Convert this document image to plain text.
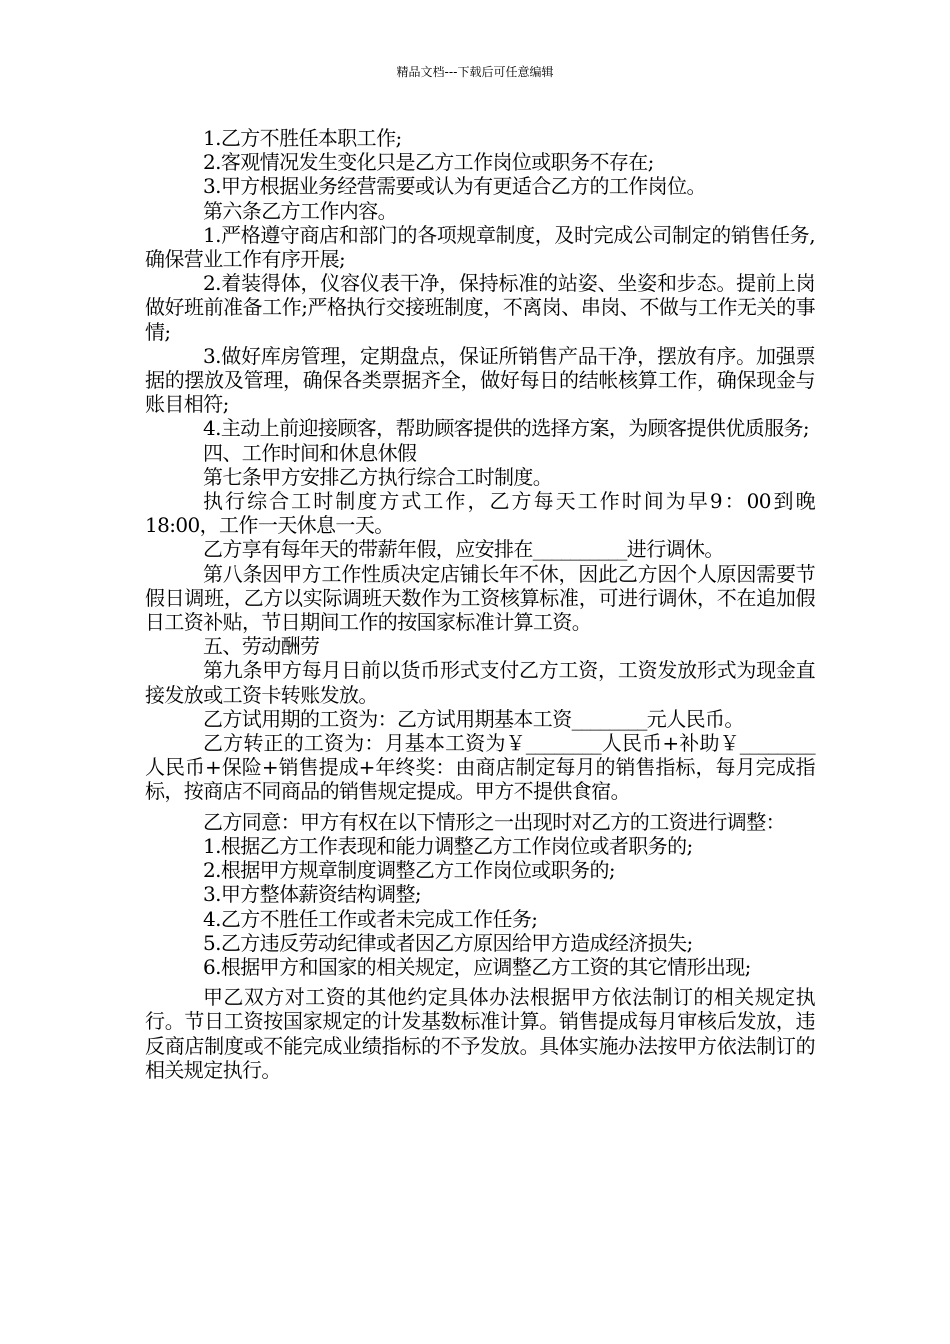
精品文档---下载后可任意编辑

1.乙方不胜任本职工作;

2.客观情况发生变化只是乙方工作岗位或职务不存在;

3.甲方根据业务经营需要或认为有更适合乙方的工作岗位。

第六条乙方工作内容。

1.严格遵守商店和部门的各项规章制度，及时完成公司制定的销售任务,确保营业工作有序开展;

2.着装得体，仪容仪表干净，保持标准的站姿、坐姿和步态。提前上岗做好班前准备工作;严格执行交接班制度，不离岗、串岗、不做与工作无关的事情;

3.做好库房管理，定期盘点，保证所销售产品干净，摆放有序。加强票据的摆放及管理，确保各类票据齐全，做好每日的结帐核算工作，确保现金与账目相符;

4.主动上前迎接顾客，帮助顾客提供的选择方案，为顾客提供优质服务;

四、工作时间和休息休假

第七条甲方安排乙方执行综合工时制度。

执行综合工时制度方式工作，乙方每天工作时间为早9：00到晚18:00，工作一天休息一天。

乙方享有每年天的带薪年假，应安排在__________进行调休。

第八条因甲方工作性质决定店铺长年不休，因此乙方因个人原因需要节假日调班，乙方以实际调班天数作为工资核算标准，可进行调休，不在追加假日工资补贴，节日期间工作的按国家标准计算工资。

五、劳动酬劳

第九条甲方每月日前以货币形式支付乙方工资，工资发放形式为现金直接发放或工资卡转账发放。

乙方试用期的工资为：乙方试用期基本工资________元人民币。

乙方转正的工资为：月基本工资为￥________人民币+补助￥________人民币+保险+销售提成+年终奖：由商店制定每月的销售指标，每月完成指标，按商店不同商品的销售规定提成。甲方不提供食宿。

乙方同意：甲方有权在以下情形之一出现时对乙方的工资进行调整：

1.根据乙方工作表现和能力调整乙方工作岗位或者职务的;

2.根据甲方规章制度调整乙方工作岗位或职务的;

3.甲方整体薪资结构调整;

4.乙方不胜任工作或者未完成工作任务;

5.乙方违反劳动纪律或者因乙方原因给甲方造成经济损失;

6.根据甲方和国家的相关规定，应调整乙方工资的其它情形出现;

甲乙双方对工资的其他约定具体办法根据甲方依法制订的相关规定执行。节日工资按国家规定的计发基数标准计算。销售提成每月审核后发放，违反商店制度或不能完成业绩指标的不予发放。具体实施办法按甲方依法制订的相关规定执行。
